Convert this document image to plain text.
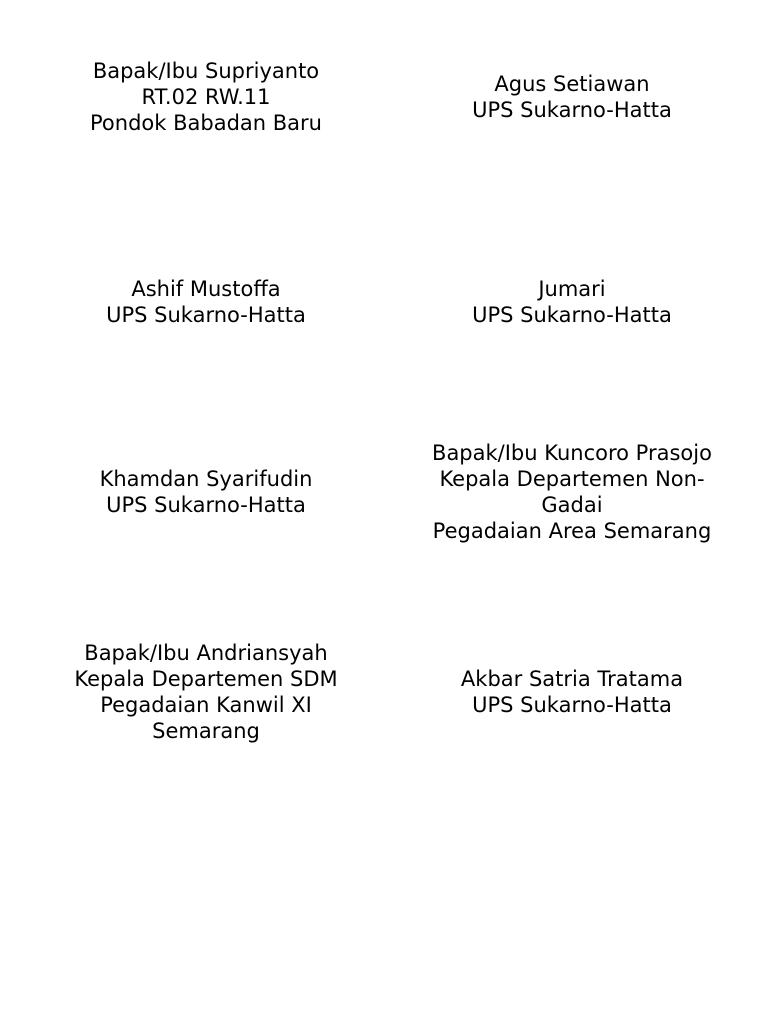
Bapak/Ibu Supriyanto
RT.02 RW.11
Pondok Babadan Baru
Agus Setiawan
UPS Sukarno-Hatta
Ashif Mustoffa
UPS Sukarno-Hatta
Jumari
UPS Sukarno-Hatta
Khamdan Syarifudin
UPS Sukarno-Hatta
Bapak/Ibu Kuncoro Prasojo
Kepala Departemen Non-
Gadai
Pegadaian Area Semarang
Bapak/Ibu Andriansyah
Kepala Departemen SDM
Pegadaian Kanwil XI
Semarang
Akbar Satria Tratama
UPS Sukarno-Hatta
